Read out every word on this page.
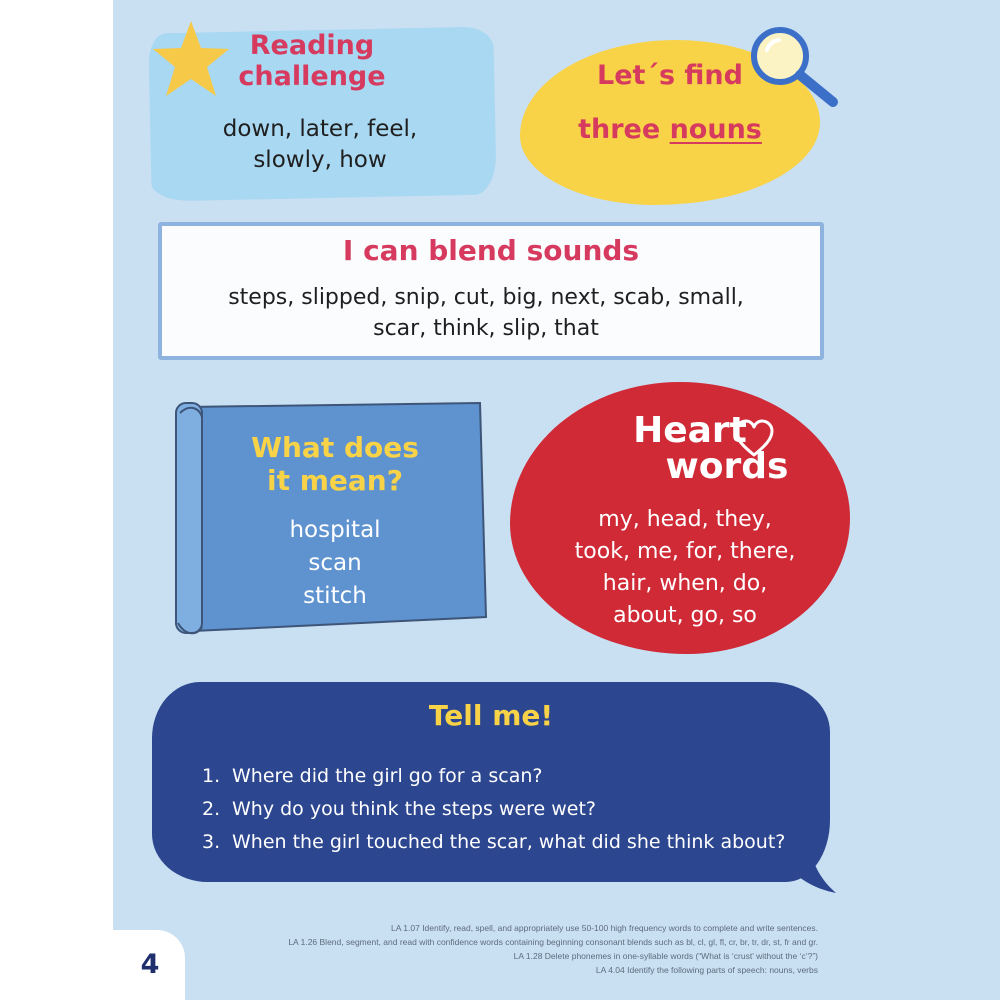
Reading
challenge
down, later, feel,
slowly, how
Let´s find
three nouns
I can blend sounds
steps, slipped, snip, cut, big, next, scab, small,
scar, think, slip, that
What does
it mean?
hospital
scan
stitch
Heart
words
my, head, they,
took, me, for, there,
hair, when, do,
about, go, so
Tell me!
1. Where did the girl go for a scan?
2. Why do you think the steps were wet?
3. When the girl touched the scar, what did she think about?
LA 1.07 Identify, read, spell, and appropriately use 50-100 high frequency words to complete and write sentences.
LA 1.26 Blend, segment, and read with confidence words containing beginning consonant blends such as bl, cl, gl, fl, cr, br, tr, dr, st, fr and gr.
LA 1.28 Delete phonemes in one-syllable words (“What is ‘crust’ without the ‘c’?”)
LA 4.04 Identify the following parts of speech: nouns, verbs
4
